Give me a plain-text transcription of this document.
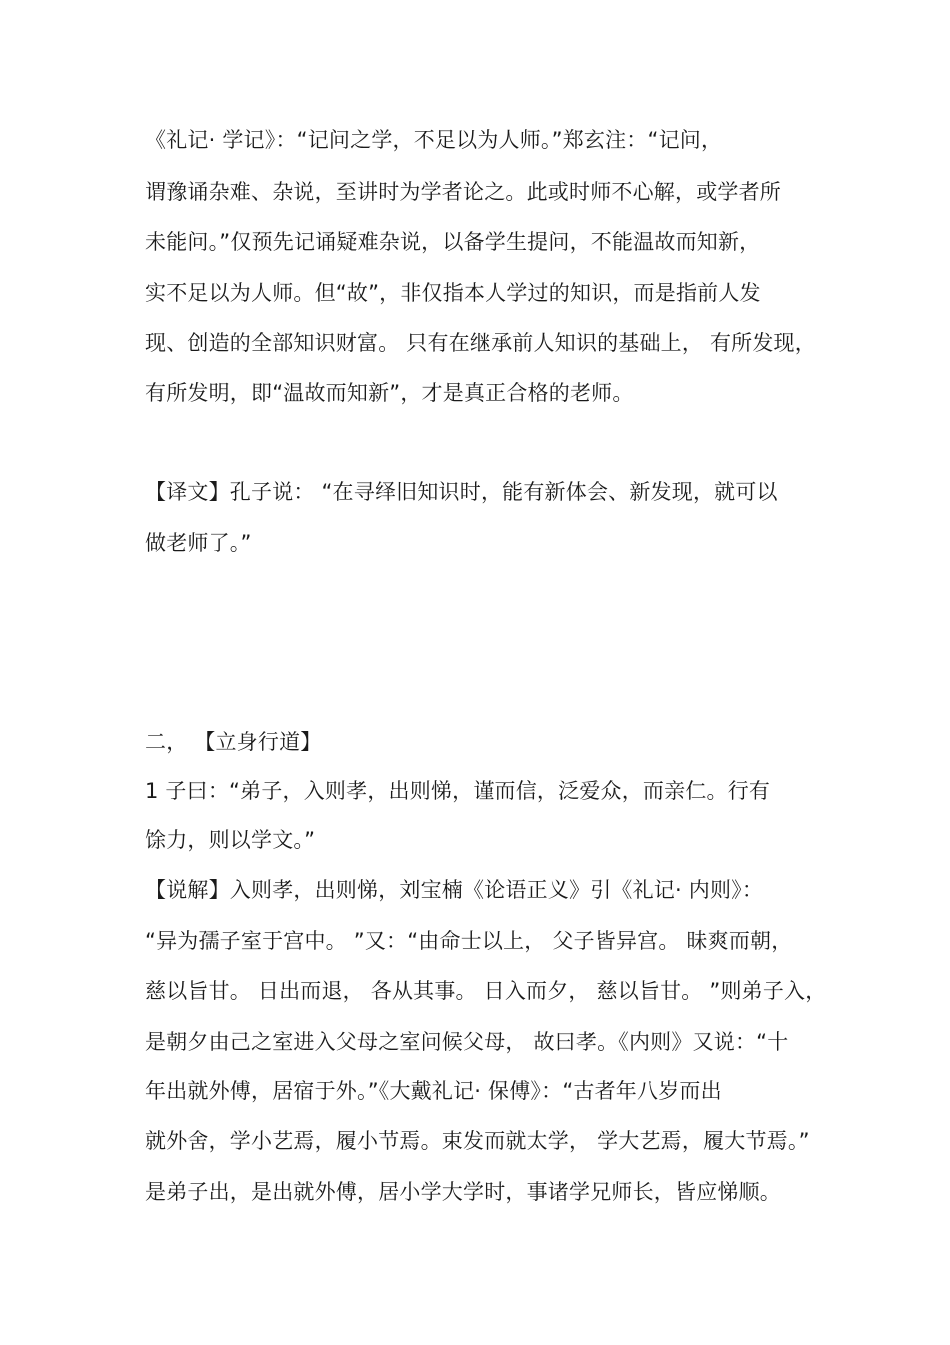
《礼记· 学记》：“记问之学，不足以为人师。”郑玄注：“记问，
谓豫诵杂难、杂说，至讲时为学者论之。此或时师不心解，或学者所
未能问。”仅预先记诵疑难杂说，以备学生提问，不能温故而知新，
实不足以为人师。但“故”，非仅指本人学过的知识，而是指前人发
现、创造的全部知识财富。 只有在继承前人知识的基础上， 有所发现，
有所发明，即“温故而知新”，才是真正合格的老师。
【译文】孔子说： “在寻绎旧知识时，能有新体会、新发现，就可以
做老师了。”
二， 【立身行道】
1 子曰：“弟子，入则孝，出则悌，谨而信，泛爱众，而亲仁。行有
馀力，则以学文。”
【说解】入则孝，出则悌，刘宝楠《论语正义》引《礼记· 内则》：
“异为孺子室于宫中。 ”又：“由命士以上， 父子皆异宫。 昧爽而朝，
慈以旨甘。 日出而退， 各从其事。 日入而夕， 慈以旨甘。 ”则弟子入，
是朝夕由己之室进入父母之室问候父母， 故曰孝。《内则》又说：“十
年出就外傅，居宿于外。”《大戴礼记· 保傅》：“古者年八岁而出
就外舍，学小艺焉，履小节焉。束发而就太学， 学大艺焉，履大节焉。”
是弟子出，是出就外傅，居小学大学时，事诸学兄师长，皆应悌顺。
